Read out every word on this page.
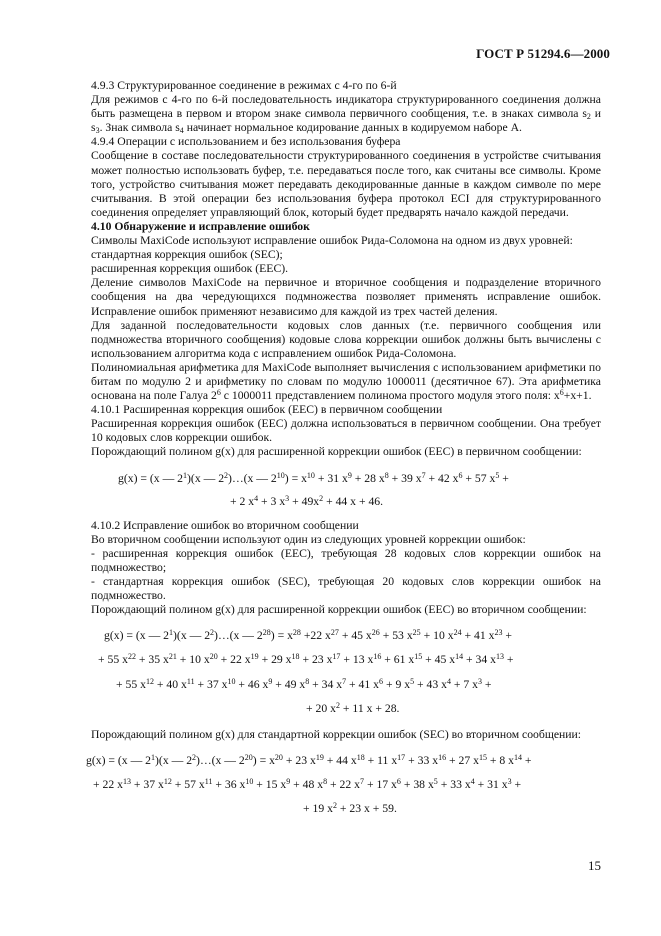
ГОСТ Р 51294.6—2000

4.9.3 Структурированное соединение в режимах с 4-го по 6-й

Для режимов с 4-го по 6-й последовательность индикатора структурированного соединения должна быть размещена в первом и втором знаке символа первичного сообщения, т.е. в знаках символа $s_2$ и $s_3$. Знак символа $s_4$ начинает нормальное кодирование данных в кодируемом наборе A.

4.9.4 Операции с использованием и без использования буфера

Сообщение в составе последовательности структурированного соединения в устройстве считывания может полностью использовать буфер, т.е. передаваться после того, как считаны все символы. Кроме того, устройство считывания может передавать декодированные данные в каждом символе по мере считывания. В этой операции без использования буфера протокол ECI для структурированного соединения определяет управляющий блок, который будет предварять начало каждой передачи.

4.10 Обнаружение и исправление ошибок

Символы MaxiCode используют исправление ошибок Рида-Соломона на одном из двух уровней:

стандартная коррекция ошибок (SEC);

расширенная коррекция ошибок (EEC).

Деление символов MaxiCode на первичное и вторичное сообщения и подразделение вторичного сообщения на два чередующихся подмножества позволяет применять исправление ошибок. Исправление ошибок применяют независимо для каждой из трех частей деления.

Для заданной последовательности кодовых слов данных (т.е. первичного сообщения или подмножества вторичного сообщения) кодовые слова коррекции ошибок должны быть вычислены с использованием алгоритма кода с исправлением ошибок Рида-Соломона.

Полиномиальная арифметика для MaxiCode выполняет вычисления с использованием арифметики по битам по модулю 2 и арифметику по словам по модулю 1000011 (десятичное 67). Эта арифметика основана на поле Галуа $2^6$ с 1000011 представлением полинома простого модуля этого поля: $x^6+x+1$.

4.10.1 Расширенная коррекция ошибок (EEC) в первичном сообщении

Расширенная коррекция ошибок (EEC) должна использоваться в первичном сообщении. Она требует 10 кодовых слов коррекции ошибок.

Порождающий полином g(x) для расширенной коррекции ошибок (EEC) в первичном сообщении:

g(x) = (x — $2^1)(x$ — $2^2)\dots(x$ — $2^{10}) = x^{10} + 31$ $x^9 + 28$ $x^8 + 39$ $x^7 + 42$ $x^6 + 57$ $x^5$ +
+ 2 $x^4 + 3$ $x^3 + 49x^2 + 44$ x + 46.

4.10.2 Исправление ошибок во вторичном сообщении

Во вторичном сообщении используют один из следующих уровней коррекции ошибок:

- расширенная коррекция ошибок (EEC), требующая 28 кодовых слов коррекции ошибок на подмножество;

- стандартная коррекция ошибок (SEC), требующая 20 кодовых слов коррекции ошибок на подмножество.

Порождающий полином g(x) для расширенной коррекции ошибок (EEC) во вторичном сообщении:

g(x) = (x — $2^1)(x$ — $2^2)\dots(x$ — $2^{28}) = x^{28} +22$ $x^{27} + 45$ $x^{26} + 53$ $x^{25} + 10$ $x^{24} + 41$ $x^{23}$ +
+ 55 $x^{22} + 35$ $x^{21} + 10$ $x^{20} + 22$ $x^{19} + 29$ $x^{18} + 23$ $x^{17} + 13$ $x^{16} + 61$ $x^{15} + 45$ $x^{14} + 34$ $x^{13}$ +
+ 55 $x^{12} + 40$ $x^{11} + 37$ $x^{10} + 46$ $x^9 + 49$ $x^8 + 34$ $x^7 + 41$ $x^6 + 9$ $x^5 + 43$ $x^4 + 7$ $x^3$ +
+ 20 $x^2 + 11$ x + 28.

Порождающий полином g(x) для стандартной коррекции ошибок (SEC) во вторичном сообщении:

g(x) = (x — $2^1)(x$ — $2^2)\dots(x$ — $2^{20}) = x^{20} + 23$ $x^{19} + 44$ $x^{18} + 11$ $x^{17} + 33$ $x^{16} + 27$ $x^{15} + 8$ $x^{14}$ +
+ 22 $x^{13} + 37$ $x^{12} + 57$ $x^{11} + 36$ $x^{10} + 15$ $x^9 + 48$ $x^8 + 22$ $x^7 + 17$ $x^6 + 38$ $x^5 + 33$ $x^4 + 31$ $x^3$ +
+ 19 $x^2 + 23$ x + 59.
15
